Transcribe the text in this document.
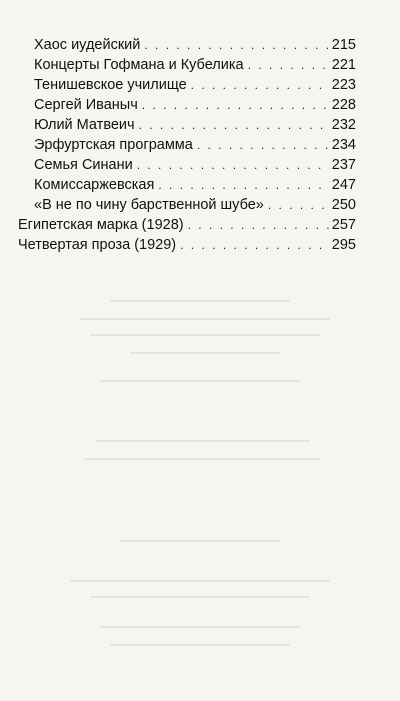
Хаос иудейский . . .	215
Концерты Гофмана и Кубелика . . .	221
Тенишевское училище . . .	223
Сергей Иваныч . . .	228
Юлий Матвеич . . .	232
Эрфуртская программа . . .	234
Семья Синани . . .	237
Комиссаржевская . . .	247
«В не по чину барственной шубе» . . .	250
Египетская марка (1928) . . .	257
Четвертая проза (1929) . . .	295
